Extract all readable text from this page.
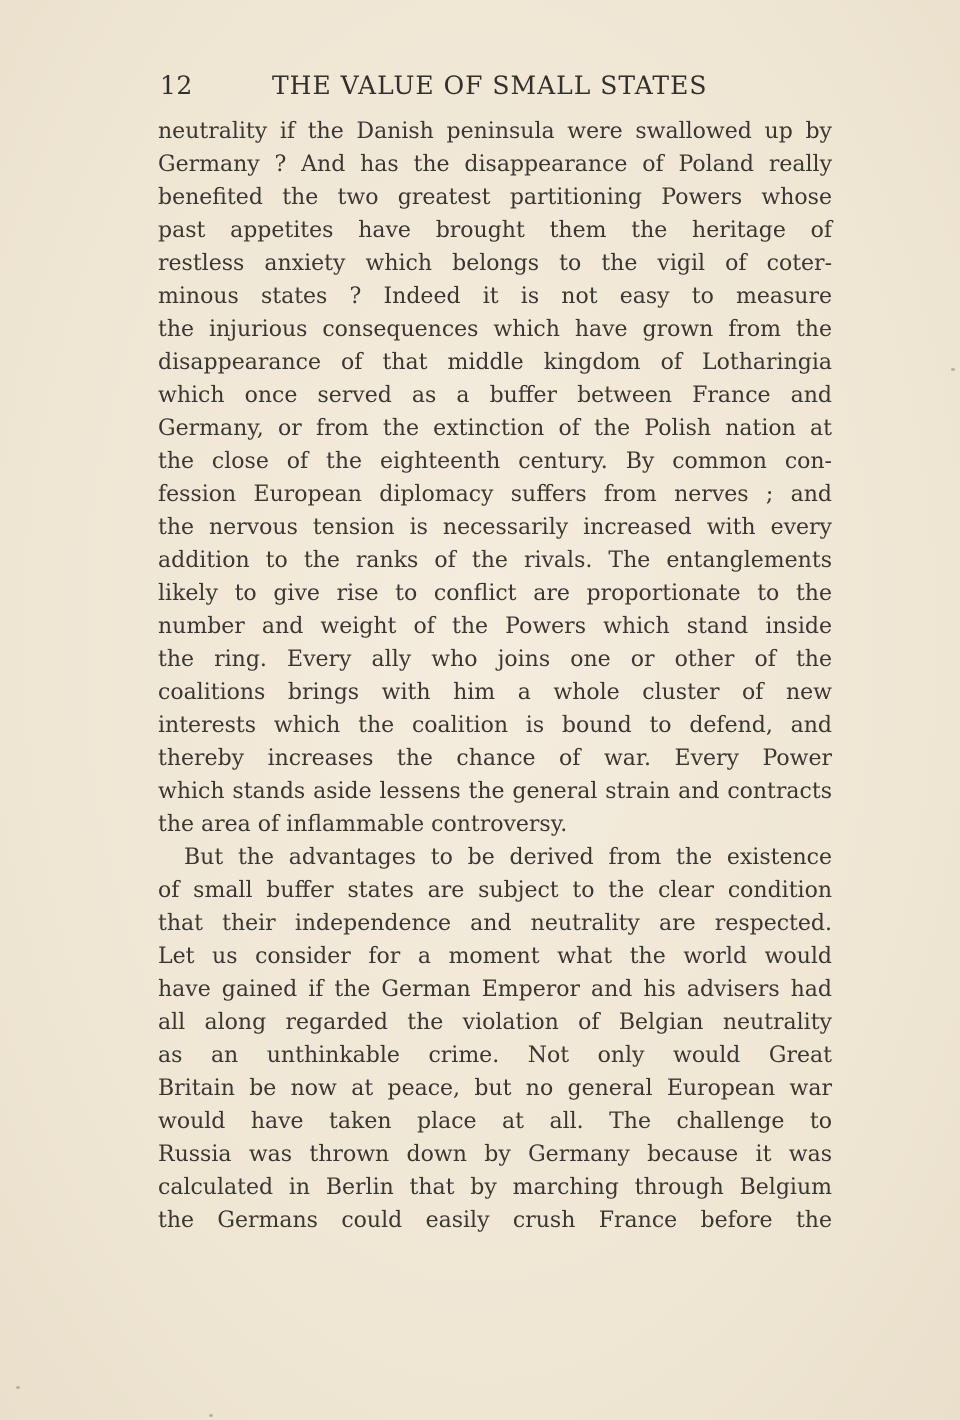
12	THE VALUE OF SMALL STATES
neutrality if the Danish peninsula were swallowed up by
Germany ? And has the disappearance of Poland really
benefited the two greatest partitioning Powers whose
past appetites have brought them the heritage of
restless anxiety which belongs to the vigil of coter-
minous states ? Indeed it is not easy to measure
the injurious consequences which have grown from the
disappearance of that middle kingdom of Lotharingia
which once served as a buffer between France and
Germany, or from the extinction of the Polish nation at
the close of the eighteenth century. By common con-
fession European diplomacy suffers from nerves ; and
the nervous tension is necessarily increased with every
addition to the ranks of the rivals. The entanglements
likely to give rise to conflict are proportionate to the
number and weight of the Powers which stand inside
the ring. Every ally who joins one or other of the
coalitions brings with him a whole cluster of new
interests which the coalition is bound to defend, and
thereby increases the chance of war. Every Power
which stands aside lessens the general strain and contracts
the area of inflammable controversy.
But the advantages to be derived from the existence
of small buffer states are subject to the clear condition
that their independence and neutrality are respected.
Let us consider for a moment what the world would
have gained if the German Emperor and his advisers had
all along regarded the violation of Belgian neutrality
as an unthinkable crime. Not only would Great
Britain be now at peace, but no general European war
would have taken place at all. The challenge to
Russia was thrown down by Germany because it was
calculated in Berlin that by marching through Belgium
the Germans could easily crush France before the
